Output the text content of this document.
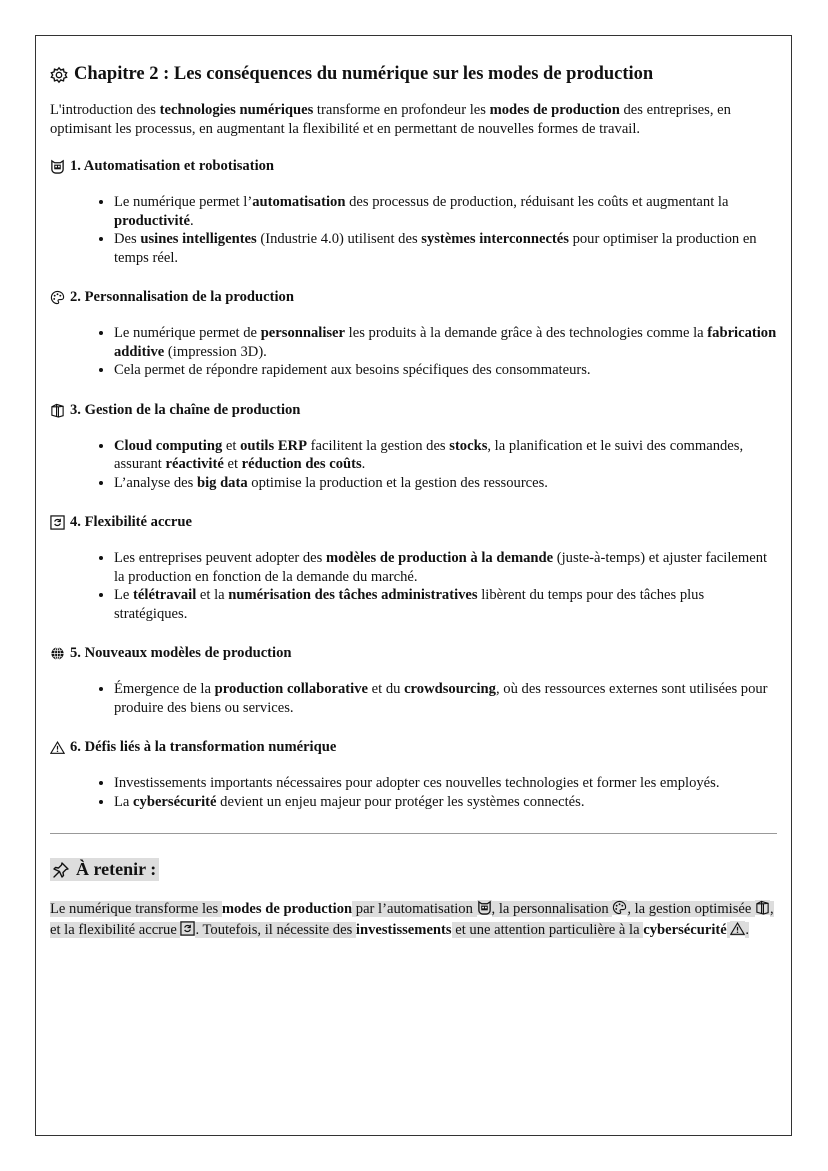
Chapitre 2 : Les conséquences du numérique sur les modes de production

L'introduction des technologies numériques transforme en profondeur les modes de production des entreprises, en optimisant les processus, en augmentant la flexibilité et en permettant de nouvelles formes de travail.

1. Automatisation et robotisation
• Le numérique permet l’automatisation des processus de production, réduisant les coûts et augmentant la productivité.
• Des usines intelligentes (Industrie 4.0) utilisent des systèmes interconnectés pour optimiser la production en temps réel.
2. Personnalisation de la production
• Le numérique permet de personnaliser les produits à la demande grâce à des technologies comme la fabrication additive (impression 3D).
• Cela permet de répondre rapidement aux besoins spécifiques des consommateurs.
3. Gestion de la chaîne de production
• Cloud computing et outils ERP facilitent la gestion des stocks, la planification et le suivi des commandes, assurant réactivité et réduction des coûts.
• L’analyse des big data optimise la production et la gestion des ressources.
4. Flexibilité accrue
• Les entreprises peuvent adopter des modèles de production à la demande (juste-à-temps) et ajuster facilement la production en fonction de la demande du marché.
• Le télétravail et la numérisation des tâches administratives libèrent du temps pour des tâches plus stratégiques.
5. Nouveaux modèles de production
• Émergence de la production collaborative et du crowdsourcing, où des ressources externes sont utilisées pour produire des biens ou services.
6. Défis liés à la transformation numérique
• Investissements importants nécessaires pour adopter ces nouvelles technologies et former les employés.
• La cybersécurité devient un enjeu majeur pour protéger les systèmes connectés.
À retenir :

Le numérique transforme les modes de production par l’automatisation
, la personnalisation
, la gestion optimisée
, et la flexibilité accrue
. Toutefois, il nécessite des investissements et une attention particulière à la cybersécurité .
